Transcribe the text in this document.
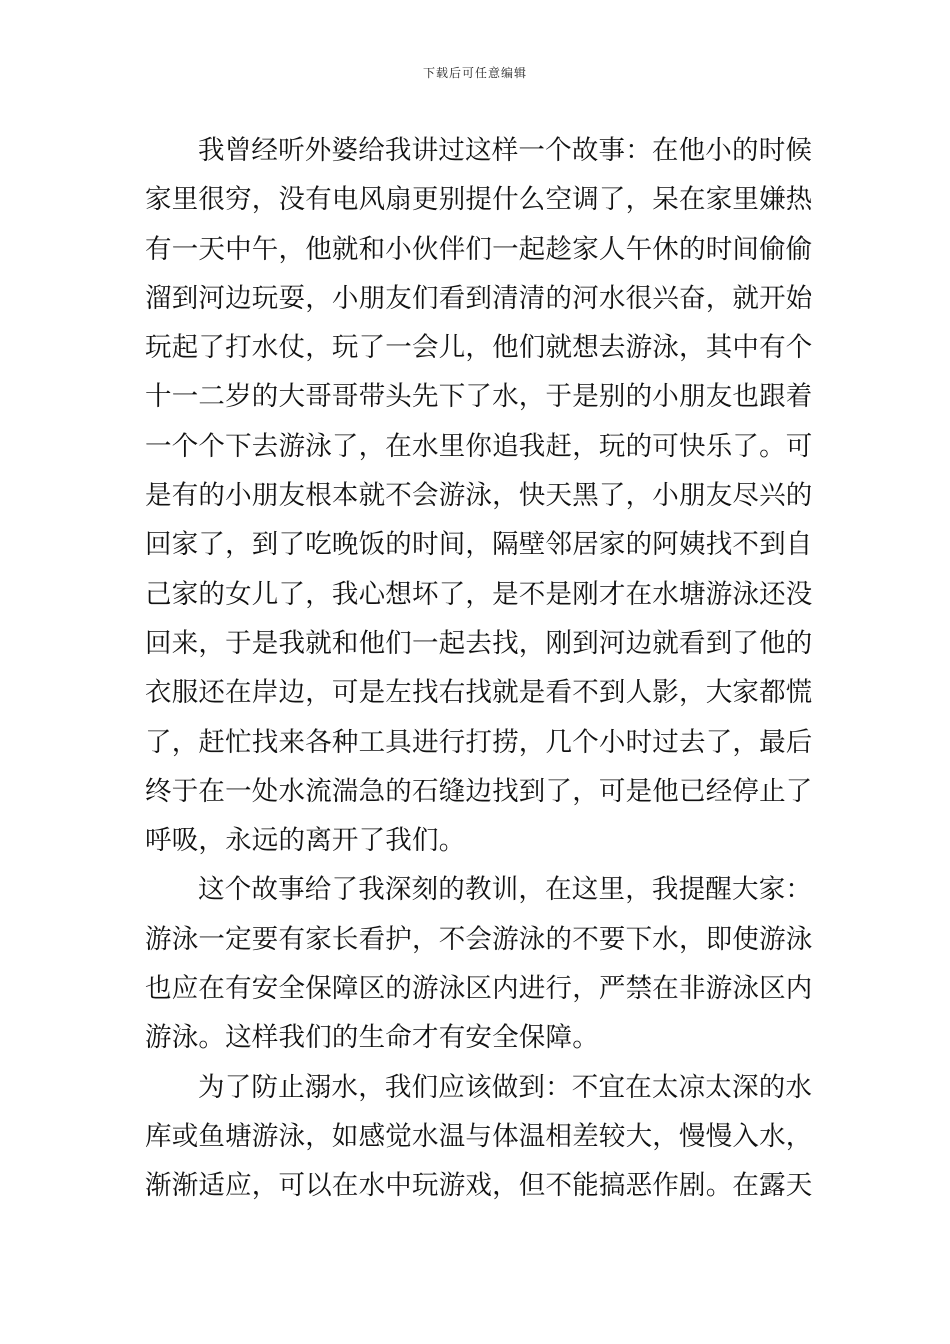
下载后可任意编辑
我曾经听外婆给我讲过这样一个故事：在他小的时候
家里很穷，没有电风扇更别提什么空调了，呆在家里嫌热
有一天中午，他就和小伙伴们一起趁家人午休的时间偷偷
溜到河边玩耍，小朋友们看到清清的河水很兴奋，就开始
玩起了打水仗，玩了一会儿，他们就想去游泳，其中有个
十一二岁的大哥哥带头先下了水，于是别的小朋友也跟着
一个个下去游泳了，在水里你追我赶，玩的可快乐了。可
是有的小朋友根本就不会游泳，快天黑了，小朋友尽兴的
回家了，到了吃晚饭的时间，隔壁邻居家的阿姨找不到自
己家的女儿了，我心想坏了，是不是刚才在水塘游泳还没
回来，于是我就和他们一起去找，刚到河边就看到了他的
衣服还在岸边，可是左找右找就是看不到人影，大家都慌
了，赶忙找来各种工具进行打捞，几个小时过去了，最后
终于在一处水流湍急的石缝边找到了，可是他已经停止了
呼吸，永远的离开了我们。
这个故事给了我深刻的教训，在这里，我提醒大家：
游泳一定要有家长看护，不会游泳的不要下水，即使游泳
也应在有安全保障区的游泳区内进行，严禁在非游泳区内
游泳。这样我们的生命才有安全保障。
为了防止溺水，我们应该做到：不宜在太凉太深的水
库或鱼塘游泳，如感觉水温与体温相差较大，慢慢入水，
渐渐适应，可以在水中玩游戏，但不能搞恶作剧。在露天
